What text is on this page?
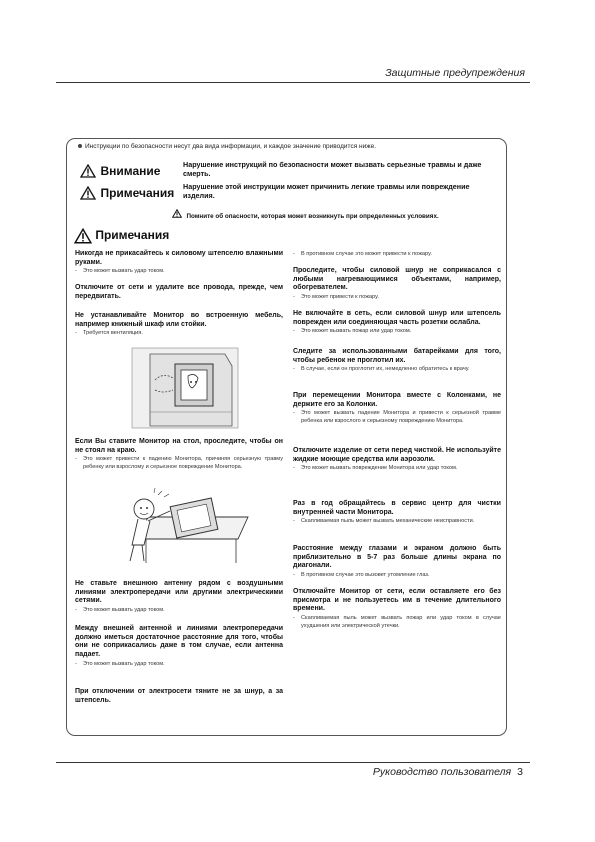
Защитные предупреждения
Инструкции по безопасности несут два вида информации, и каждое значение приводится ниже.
Внимание	Нарушение инструкций по безопасности может вызвать серьезные травмы и даже смерть.
Примечания Нарушение этой инструкции может причинить легкие травмы или повреждение изделия.
Помните об опасности, которая может возникнуть при определенных условиях.
Примечания
Никогда не прикасайтесь к силовому штепселю влажными руками.
- Это может вызвать удар током.
Отключите от сети и удалите все провода, прежде, чем передвигать.
Не устанавливайте Монитор во встроенную мебель, например книжный шкаф или стойки.
- Требуется вентиляция.
Если Вы ставите Монитор на стол, проследите, чтобы он не стоял на краю.
- Это может привести к падению Монитора, причиняя серьезную травму ребенку или взрослому и серьезное повреждение Монитора.
Не ставьте внешнюю антенну рядом с воздушными линиями электропередачи или другими электрическими сетями.
- Это может вызвать удар током.
Между внешней антенной и линиями электропередачи должно иметься достаточное расстояние для того, чтобы они не соприкасались даже в том случае, если антенна падает.
- Это может вызвать удар током.
При отключении от электросети тяните не за шнур, а за штепсель.
- В противном случае это может привести к пожару.
Проследите, чтобы силовой шнур не соприкасался с любыми нагревающимися объектами, например, обогревателем.
- Это может привести к пожару.
Не включайте в сеть, если силовой шнур или штепсель поврежден или соединяющая часть розетки ослабла.
- Это может вызвать пожар или удар током.
Следите за использованными батарейками для того, чтобы ребенок не проглотил их.
- В случае, если он проглотит их, немедленно обратитесь к врачу.
При перемещении Монитора вместе с Колонками, не держите его за Колонки.
- Это может вызвать падение Монитора и привести к серьезной травме ребенка или взрослого и серьезному повреждению Монитора.
Отключите изделие от сети перед чисткой. Не используйте жидкие моющие средства или аэрозоли.
- Это может вызвать повреждение Монитора или удар током.
Раз в год обращайтесь в сервис центр для чистки внутренней части Монитора.
- Скапливаемая пыль может вызвать механические неисправности.
Расстояние между глазами и экраном должно быть приблизительно в 5-7 раз больше длины экрана по диагонали.
- В противном случае это вызовет утомление глаз.
Отключайте Монитор от сети, если оставляете его без присмотра и не пользуетесь им в течение длительного времени.
- Скапливаемая пыль может вызвать пожар или удар током в случае ухудшения или электрической утечки.
Руководство пользователя 3
